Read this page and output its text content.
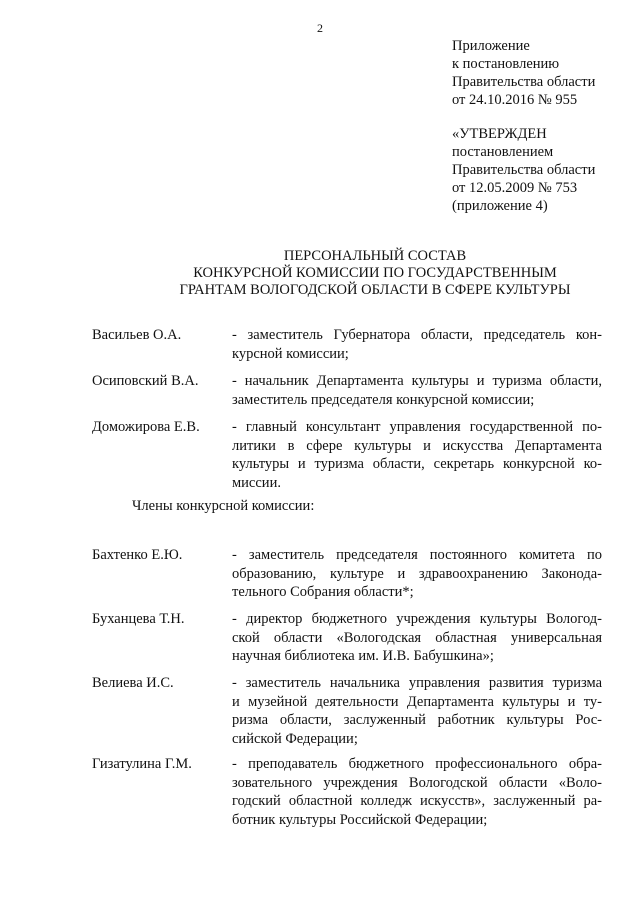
2
Приложение
к постановлению
Правительства области
от 24.10.2016 № 955
«УТВЕРЖДЕН
постановлением
Правительства области
от 12.05.2009 № 753
(приложение 4)
ПЕРСОНАЛЬНЫЙ СОСТАВ
КОНКУРСНОЙ КОМИССИИ ПО ГОСУДАРСТВЕННЫМ
ГРАНТАМ ВОЛОГОДСКОЙ ОБЛАСТИ В СФЕРЕ КУЛЬТУРЫ
Васильев О.А.	- заместитель Губернатора области, председатель кон-
курсной комиссии;
Осиповский В.А.	- начальник Департамента культуры и туризма области,
заместитель председателя конкурсной комиссии;
Доможирова Е.В.	- главный консультант управления государственной по-
литики в сфере культуры и искусства Департамента
культуры и туризма области, секретарь конкурсной ко-
миссии.
Бахтенко Е.Ю.	- заместитель председателя постоянного комитета по
образованию, культуре и здравоохранению Законода-
тельного Собрания области*;
Буханцева Т.Н.	- директор бюджетного учреждения культуры Вологод-
ской области «Вологодская областная универсальная
научная библиотека им. И.В. Бабушкина»;
Велиева И.С.	- заместитель начальника управления развития туризма
и музейной деятельности Департамента культуры и ту-
ризма области, заслуженный работник культуры Рос-
сийской Федерации;
Гизатулина Г.М.	- преподаватель бюджетного профессионального обра-
зовательного учреждения Вологодской области «Воло-
годский областной колледж искусств», заслуженный ра-
ботник культуры Российской Федерации;
Члены конкурсной комиссии:
